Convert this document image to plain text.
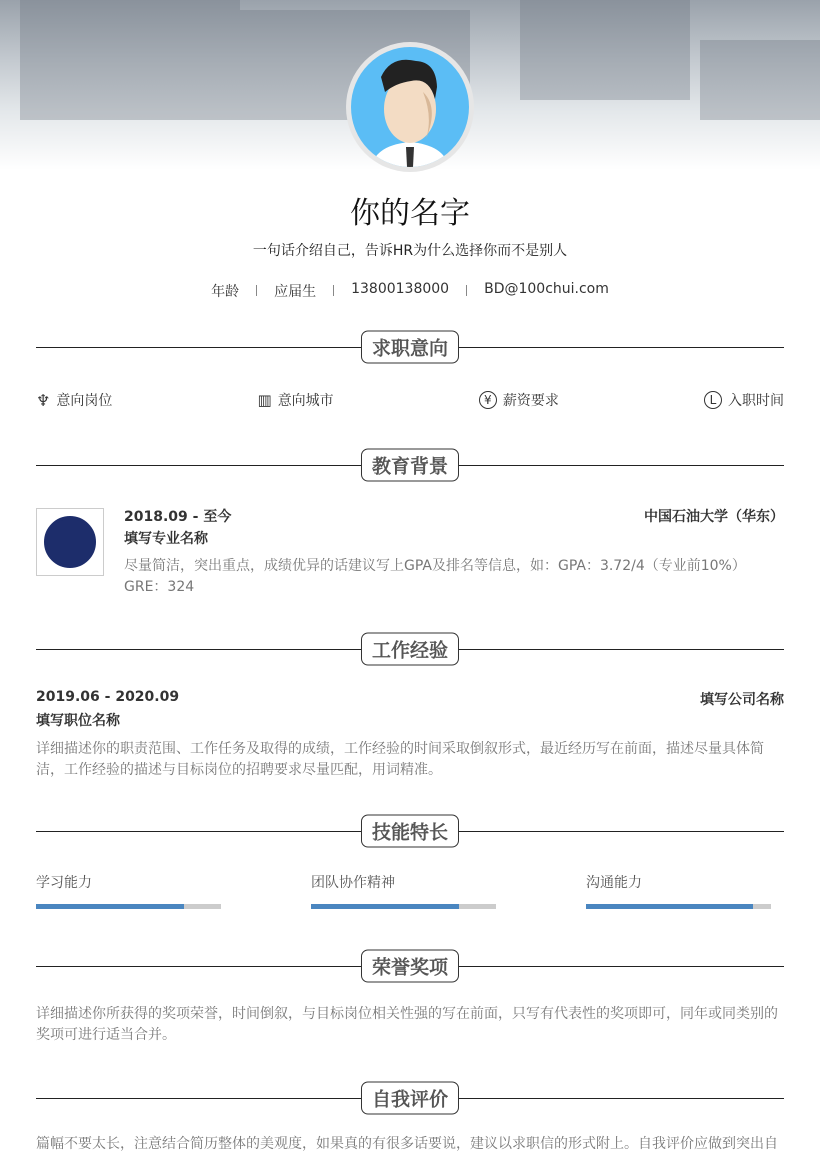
你的名字
一句话介绍自己，告诉HR为什么选择你而不是别人
年龄	应届生	13800138000	BD@100chui.com
求职意向
♆ 意向岗位	▥ 意向城市	¥ 薪资要求	L 入职时间
教育背景
2018.09 - 至今	中国石油大学（华东）
填写专业名称
尽量简洁，突出重点，成绩优异的话建议写上GPA及排名等信息，如：GPA：3.72/4（专业前10%） GRE：324
工作经验
2019.06 - 2020.09	填写公司名称
填写职位名称
详细描述你的职责范围、工作任务及取得的成绩，工作经验的时间采取倒叙形式，最近经历写在前面，描述尽量具体简洁，工作经验的描述与目标岗位的招聘要求尽量匹配，用词精准。
技能特长
学习能力	团队协作精神	沟通能力
荣誉奖项
详细描述你所获得的奖项荣誉，时间倒叙，与目标岗位相关性强的写在前面，只写有代表性的奖项即可，同年或同类别的奖项可进行适当合并。
自我评价
篇幅不要太长，注意结合简历整体的美观度，如果真的有很多话要说，建议以求职信的形式附上。自我评价应做到突出自
